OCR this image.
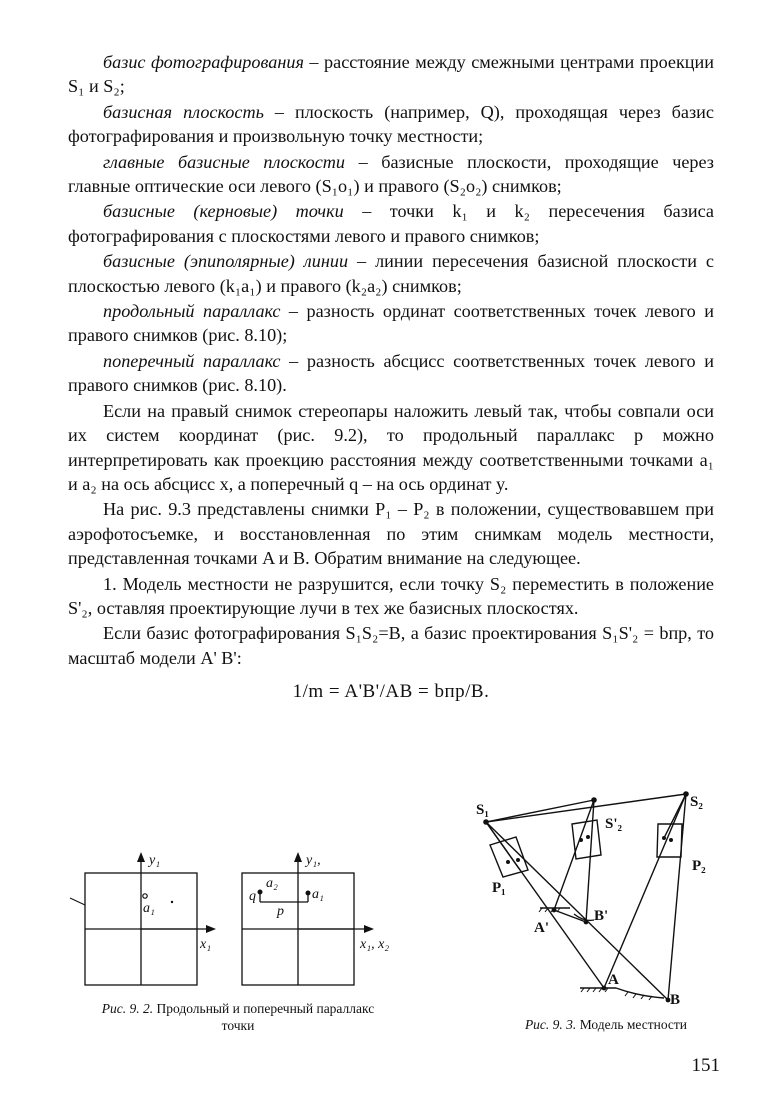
базис фотографирования – расстояние между смежными центрами проекции S₁ и S₂;

базисная плоскость – плоскость (например, Q), проходящая через базис фотографирования и произвольную точку местности;

главные базисные плоскости – базисные плоскости, проходящие через главные оптические оси левого (S₁o₁) и правого (S₂o₂) снимков;

базисные (керновые) точки – точки k₁ и k₂ пересечения базиса фотографирования с плоскостями левого и правого снимков;

базисные (эпиполярные) линии – линии пересечения базисной плоскости с плоскостью левого (k₁a₁) и правого (k₂a₂) снимков;

продольный параллакс – разность ординат соответственных точек левого и правого снимков (рис. 8.10);

поперечный параллакс – разность абсцисс соответственных точек левого и правого снимков (рис. 8.10).

Если на правый снимок стереопары наложить левый так, чтобы совпали оси их систем координат (рис. 9.2), то продольный параллакс p можно интерпретировать как проекцию расстояния между соответственными точками a₁ и a₂ на ось абсцисс x, а поперечный q – на ось ординат y.

На рис. 9.3 представлены снимки P₁ – P₂ в положении, существовавшем при аэрофотосъемке, и восстановленная по этим снимкам модель местности, представленная точками A и B. Обратим внимание на следующее.

1. Модель местности не разрушится, если точку S₂ переместить в положение S'₂, оставляя проектирующие лучи в тех же базисных плоскостях.

Если базис фотографирования S₁S₂=B, а базис проектирования S₁S'₂ = bпр, то масштаб модели A' B':

1/m = A'B'/AB = bпр/B.

y₁
x₁
a₁
y₁,
x₁, x₂
a₂
a₁
q
p
Рис. 9. 2. Продольный и поперечный параллакс точки
S₁	S₂
S'₂
P₁
P₂
A'
B'
A
B
Рис. 9. 3. Модель местности
151
